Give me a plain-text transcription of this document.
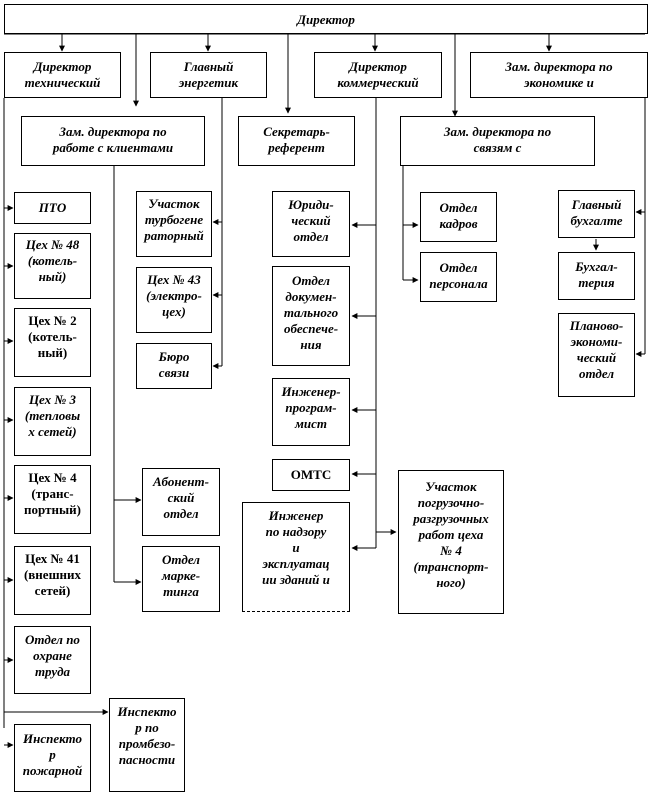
Директор
Директор
технический
Главный
энергетик
Директор
коммерческий
Зам. директора по
экономике и
Зам. директора по
работе с клиентами
Секретарь-
референт
Зам. директора по
связям с
ПТО
Цех № 48
(котель-
ный)
Цех № 2
(котель-
ный)
Цех № 3
(тепловы
х сетей)
Цех № 4
(транс-
портный)
Цех № 41
(внешних
сетей)
Отдел по
охране
труда
Инспекто
р
пожарной
Инспекто
р по
промбезо-
пасности
Участок
турбогене
раторный
Цех № 43
(электро-
цех)
Бюро
связи
Абонент-
ский
отдел
Отдел
марке-
тинга
Юриди-
ческий
отдел
Отдел
докумен-
тального
обеспече-
ния
Инженер-
програм-
мист
ОМТС
Инженер
по надзору
и
эксплуатац
ии зданий и
Отдел
кадров
Отдел
персонала
Участок
погрузочно-
разгрузочных
работ цеха
№ 4
(транспорт-
ного)
Главный
бухгалте
Бухгал-
терия
Планово-
экономи-
ческий
отдел
